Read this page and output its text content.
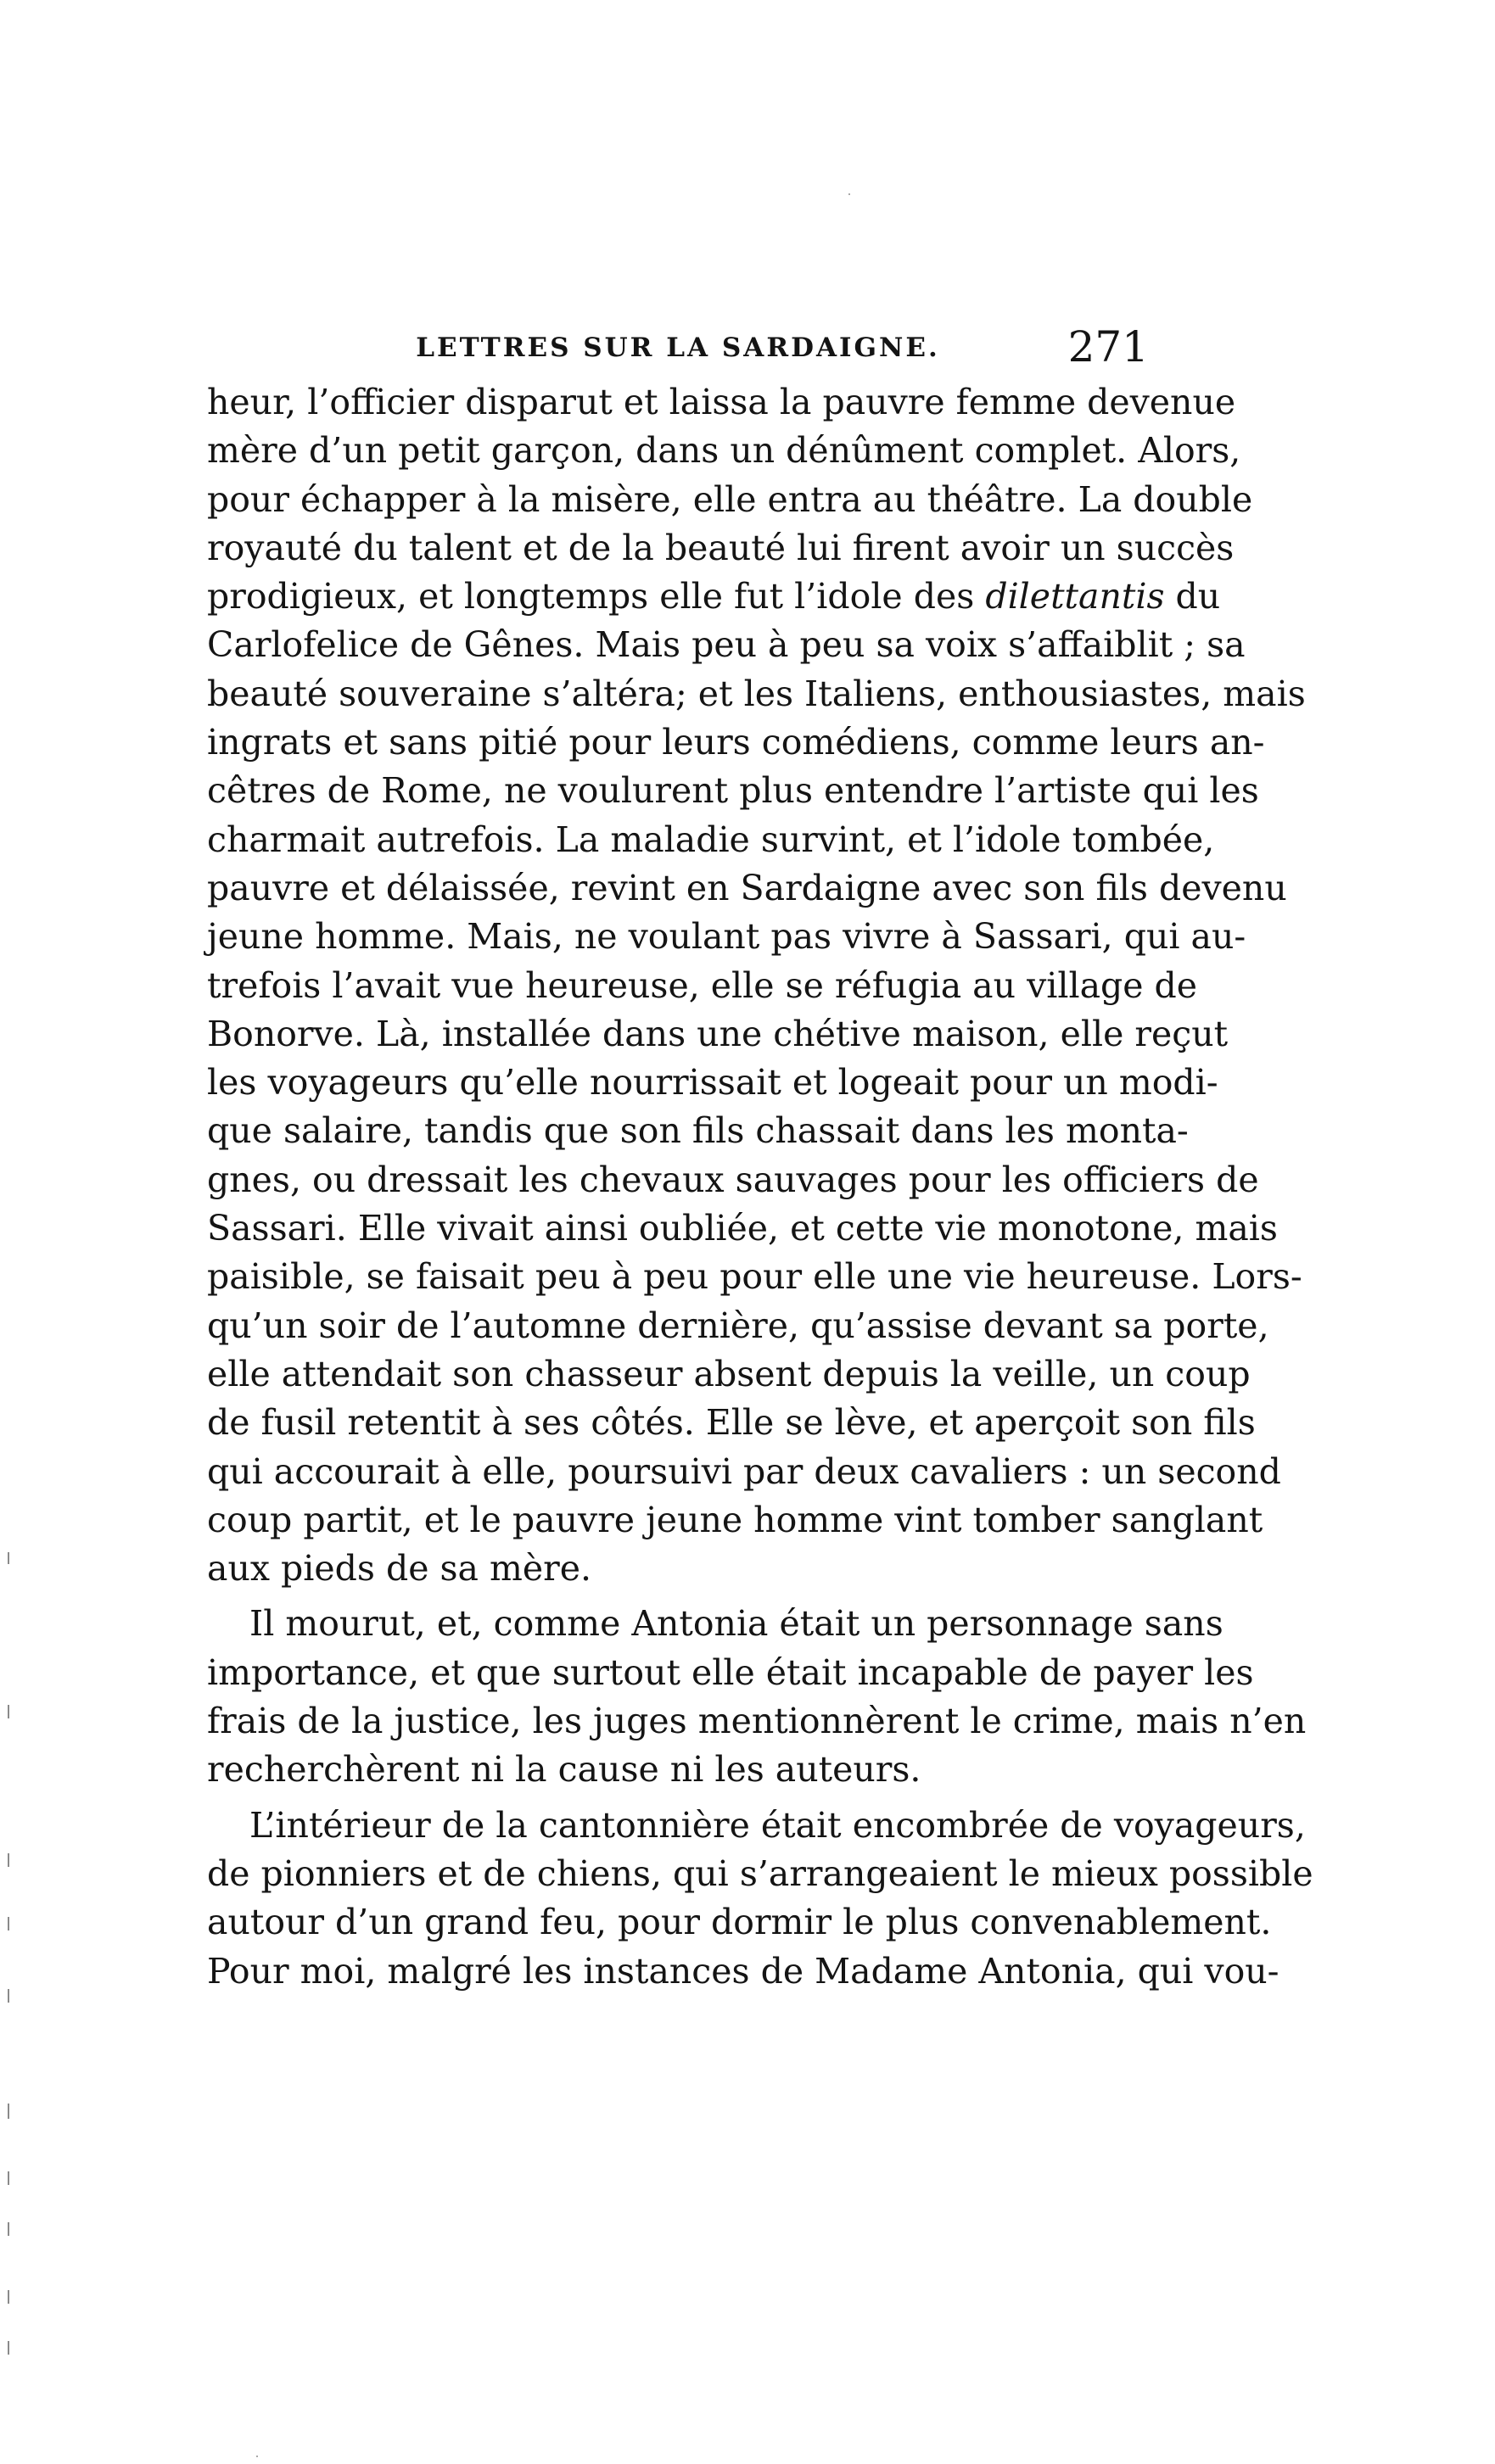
LETTRES SUR LA SARDAIGNE.	271
heur, l’officier disparut et laissa la pauvre femme devenue
mère d’un petit garçon, dans un dénûment complet. Alors,
pour échapper à la misère, elle entra au théâtre. La double
royauté du talent et de la beauté lui firent avoir un succès
prodigieux, et longtemps elle fut l’idole des dilettantis du
Carlofelice de Gênes. Mais peu à peu sa voix s’affaiblit ; sa
beauté souveraine s’altéra; et les Italiens, enthousiastes, mais
ingrats et sans pitié pour leurs comédiens, comme leurs an-
cêtres de Rome, ne voulurent plus entendre l’artiste qui les
charmait autrefois. La maladie survint, et l’idole tombée,
pauvre et délaissée, revint en Sardaigne avec son fils devenu
jeune homme. Mais, ne voulant pas vivre à Sassari, qui au-
trefois l’avait vue heureuse, elle se réfugia au village de
Bonorve. Là, installée dans une chétive maison, elle reçut
les voyageurs qu’elle nourrissait et logeait pour un modi-
que salaire, tandis que son fils chassait dans les monta-
gnes, ou dressait les chevaux sauvages pour les officiers de
Sassari. Elle vivait ainsi oubliée, et cette vie monotone, mais
paisible, se faisait peu à peu pour elle une vie heureuse. Lors-
qu’un soir de l’automne dernière, qu’assise devant sa porte,
elle attendait son chasseur absent depuis la veille, un coup
de fusil retentit à ses côtés. Elle se lève, et aperçoit son fils
qui accourait à elle, poursuivi par deux cavaliers : un second
coup partit, et le pauvre jeune homme vint tomber sanglant
aux pieds de sa mère.
Il mourut, et, comme Antonia était un personnage sans
importance, et que surtout elle était incapable de payer les
frais de la justice, les juges mentionnèrent le crime, mais n’en
recherchèrent ni la cause ni les auteurs.
L’intérieur de la cantonnière était encombrée de voyageurs,
de pionniers et de chiens, qui s’arrangeaient le mieux possible
autour d’un grand feu, pour dormir le plus convenablement.
Pour moi, malgré les instances de Madame Antonia, qui vou-
